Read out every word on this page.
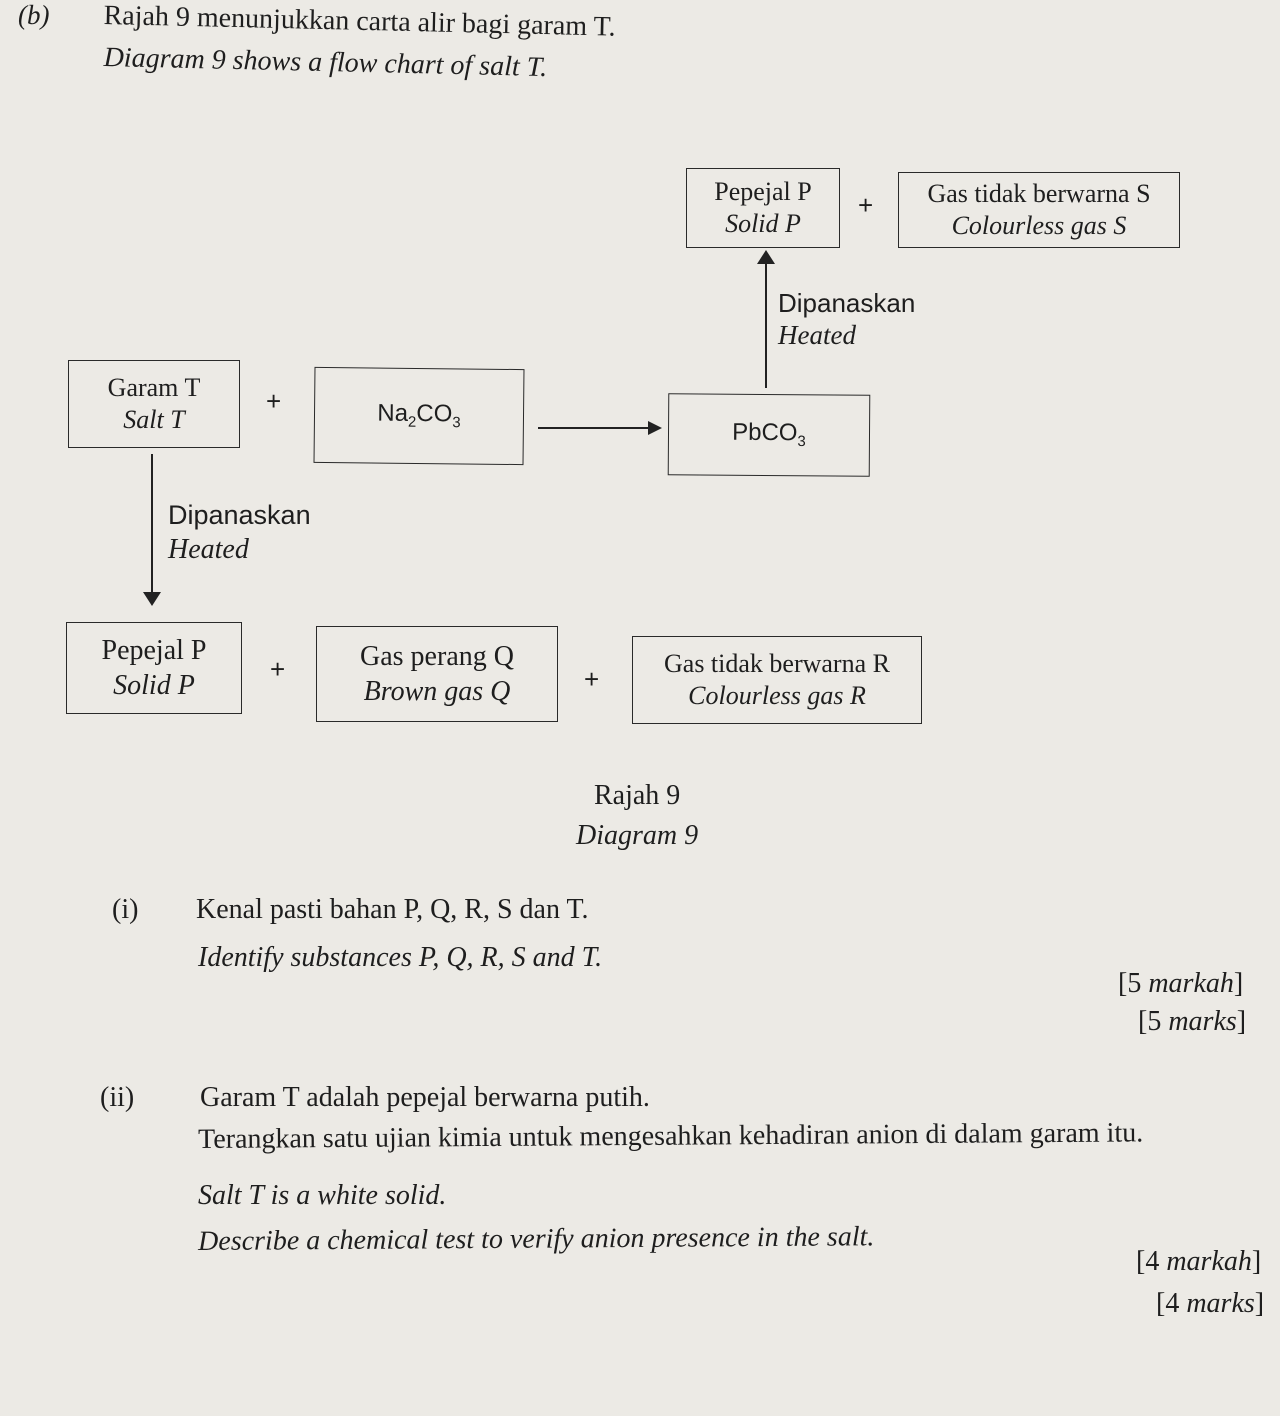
(b) Rajah 9 menunjukkan carta alir bagi garam T.
Diagram 9 shows a flow chart of salt T.
Pepejal P
Solid P
+ Gas tidak berwarna S
Colourless gas S
Dipanaskan
Heated
Garam T
Salt T
+	$Na_2CO_3$	PbCO$_3$
Dipanaskan
Heated
Pepejal P
Solid P
+	Gas perang Q
Brown gas Q	+
Gas tidak berwarna R
Colourless gas R
Rajah 9
Diagram 9
(i) Kenal pasti bahan P, Q, R, S dan T.
Identify substances P, Q, R, S and T.
[5 markah]
[5 marks]
(ii) Garam T adalah pepejal berwarna putih.
Terangkan satu ujian kimia untuk mengesahkan kehadiran anion di dalam garam itu.
Salt T is a white solid.
Describe a chemical test to verify anion presence in the salt.
[4 markah]
[4 marks]
